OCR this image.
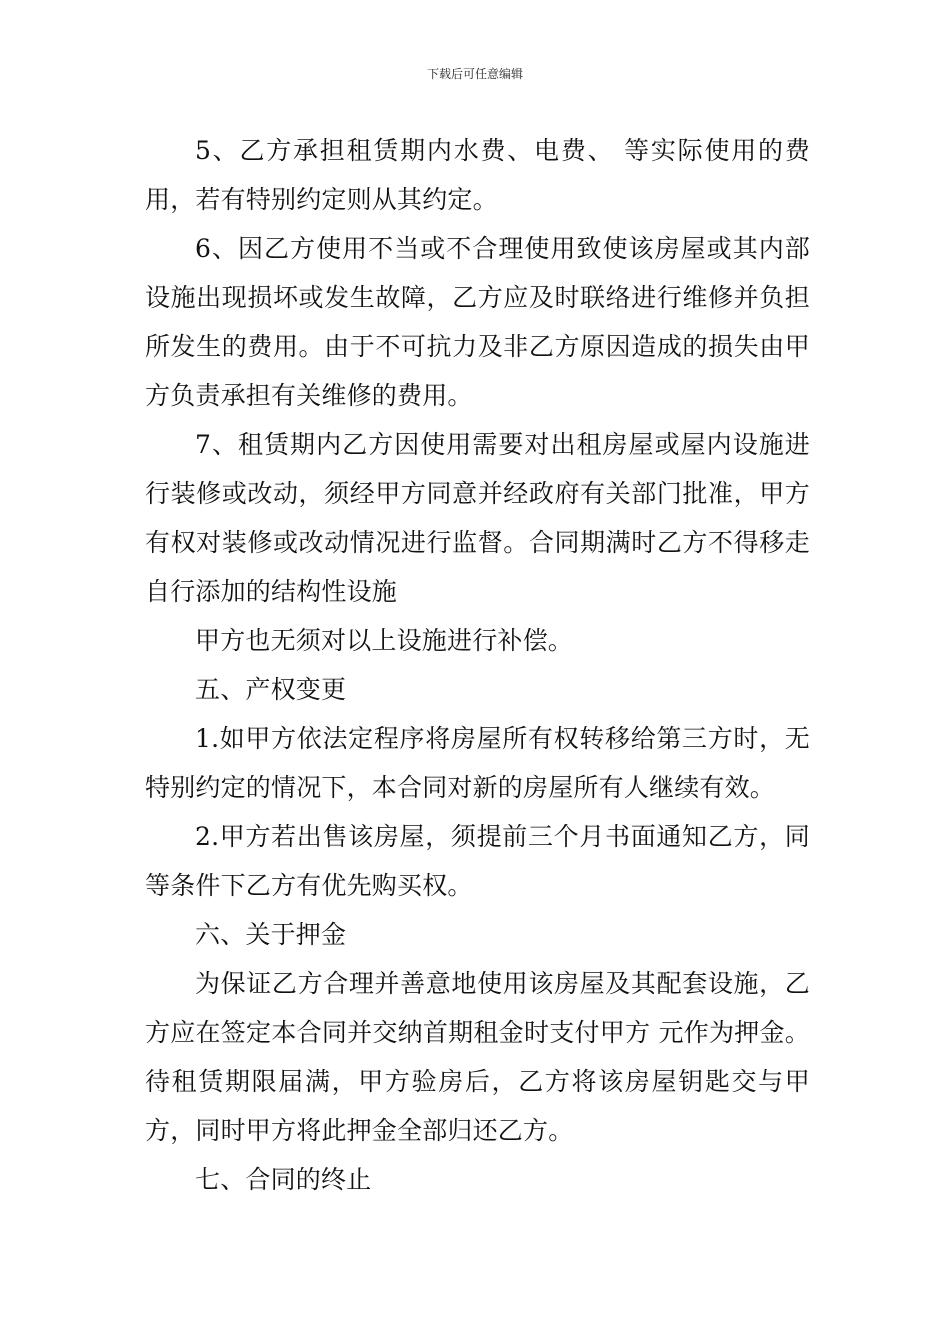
下载后可任意编辑

5、乙方承担租赁期内水费、电费、 等实际使用的费用，若有特别约定则从其约定。

6、因乙方使用不当或不合理使用致使该房屋或其内部设施出现损坏或发生故障，乙方应及时联络进行维修并负担所发生的费用。由于不可抗力及非乙方原因造成的损失由甲方负责承担有关维修的费用。

7、租赁期内乙方因使用需要对出租房屋或屋内设施进行装修或改动，须经甲方同意并经政府有关部门批准，甲方有权对装修或改动情况进行监督。合同期满时乙方不得移走自行添加的结构性设施

甲方也无须对以上设施进行补偿。

五、产权变更

1.如甲方依法定程序将房屋所有权转移给第三方时，无特别约定的情况下，本合同对新的房屋所有人继续有效。

2.甲方若出售该房屋，须提前三个月书面通知乙方，同等条件下乙方有优先购买权。

六、关于押金

为保证乙方合理并善意地使用该房屋及其配套设施，乙方应在签定本合同并交纳首期租金时支付甲方 元作为押金。待租赁期限届满，甲方验房后，乙方将该房屋钥匙交与甲方，同时甲方将此押金全部归还乙方。

七、合同的终止
